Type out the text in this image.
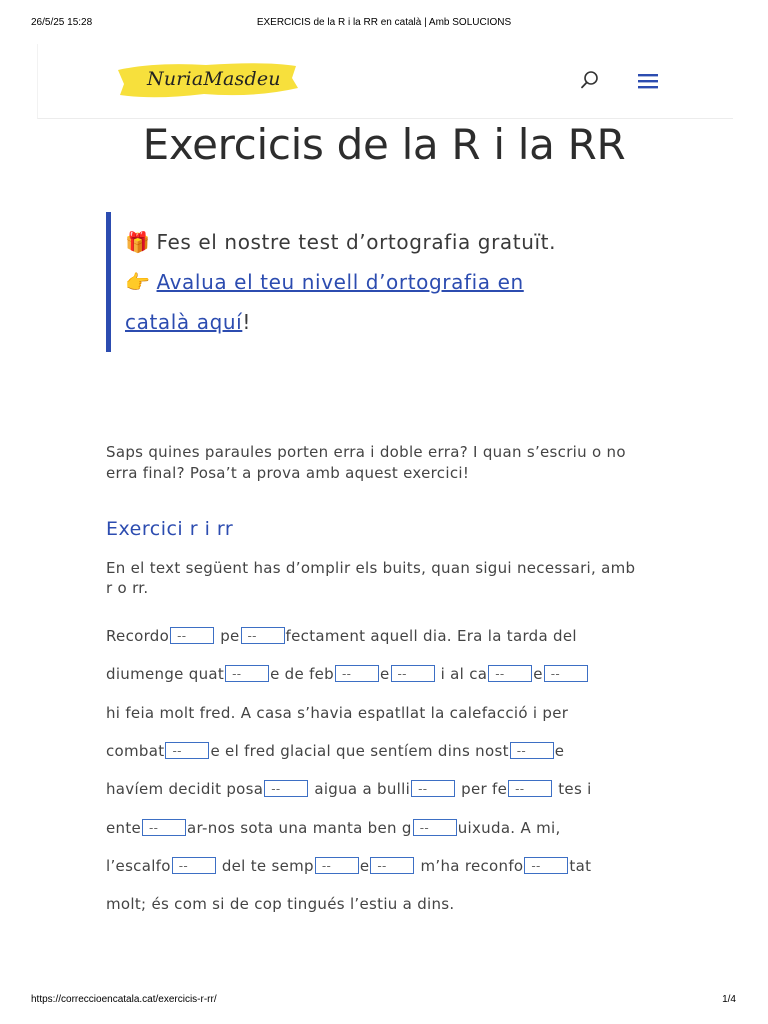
26/5/25 15:28	EXERCICIS de la R i la RR en català | Amb SOLUCIONS
NuriaMasdeu
Exercicis de la R i la RR
🎁 Fes el nostre test d’ortografia gratuït.
👉 Avalua el teu nivell d’ortografia en
català aquí!

Saps quines paraules porten erra i doble erra? I quan s’escriu o no erra final? Posa’t a prova amb aquest exercici!

Exercici r i rr

En el text següent has d’omplir els buits, quan sigui necessari, amb r o rr.

Recordo -- pe -- fectament aquell dia. Era la tarda del
diumenge quat -- e de feb -- e -- i al ca -- e --
hi feia molt fred. A casa s’havia espatllat la calefacció i per
combat -- e el fred glacial que sentíem dins nost -- e
havíem decidit posa -- aigua a bulli -- per fe -- tes i
ente -- ar-nos sota una manta ben g -- uixuda. A mi,
l’escalfo -- del te semp -- e -- m’ha reconfo -- tat
molt; és com si de cop tingués l’estiu a dins.
https://correccioencatala.cat/exercicis-r-rr/	1/4
